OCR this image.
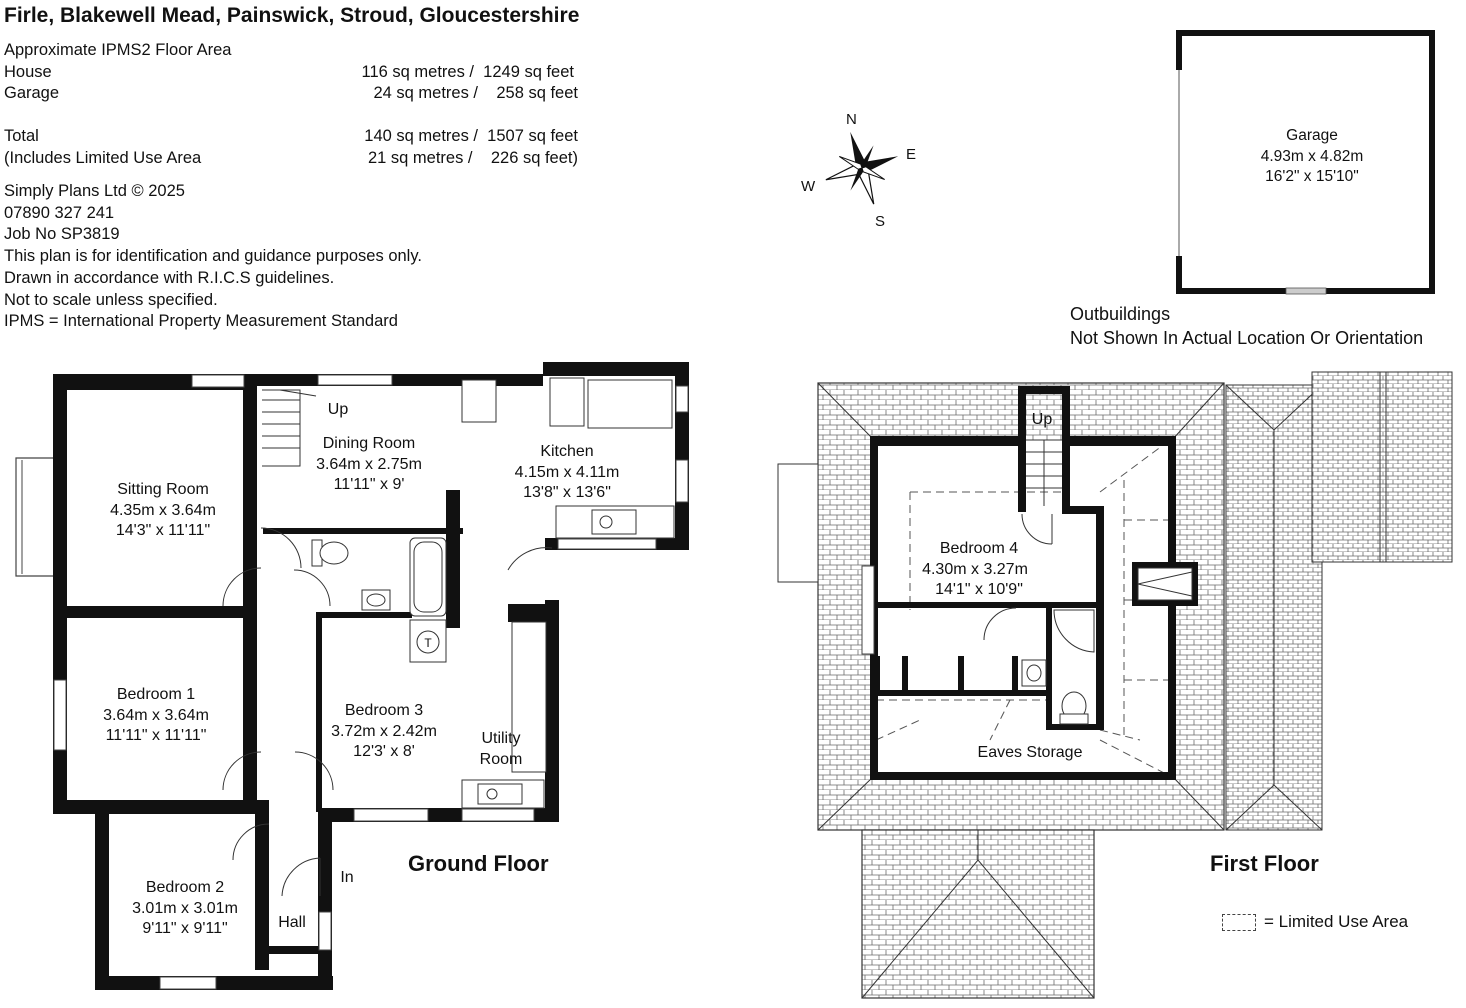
Firle, Blakewell Mead, Painswick, Stroud, Gloucestershire
Approximate IPMS2 Floor Area
House	116 sq metres /  1249 sq feet
Garage	24 sq metres /    258 sq feet
Total	140 sq metres /  1507 sq feet
(Includes Limited Use Area	21 sq metres /    226 sq feet)
Simply Plans Ltd © 2025
07890 327 241
Job No SP3819
This plan is for identification and guidance purposes only.
Drawn in accordance with R.I.C.S guidelines.
Not to scale unless specified.
IPMS = International Property Measurement Standard	Outbuildings
Not Shown In Actual Location Or Orientation
Ground Floor	First Floor
= Limited Use Area
N
E
S
W
Garage
4.93m x 4.82m
16'2" x 15'10"
T
Sitting Room
4.35m x 3.64m
14'3" x 11'11"
Dining Room
3.64m x 2.75m
11'11" x 9'
Up
Kitchen
4.15m x 4.11m
13'8" x 13'6"
Bedroom 1
3.64m x 3.64m
11'11" x 11'11"
Bedroom 3
3.72m x 2.42m
12'3' x 8'
Bedroom 2
3.01m x 3.01m
9'11" x 9'11"
Utility
Room
Hall
In
Up
Bedroom 4
4.30m x 3.27m
14'1" x 10'9"
Eaves Storage
